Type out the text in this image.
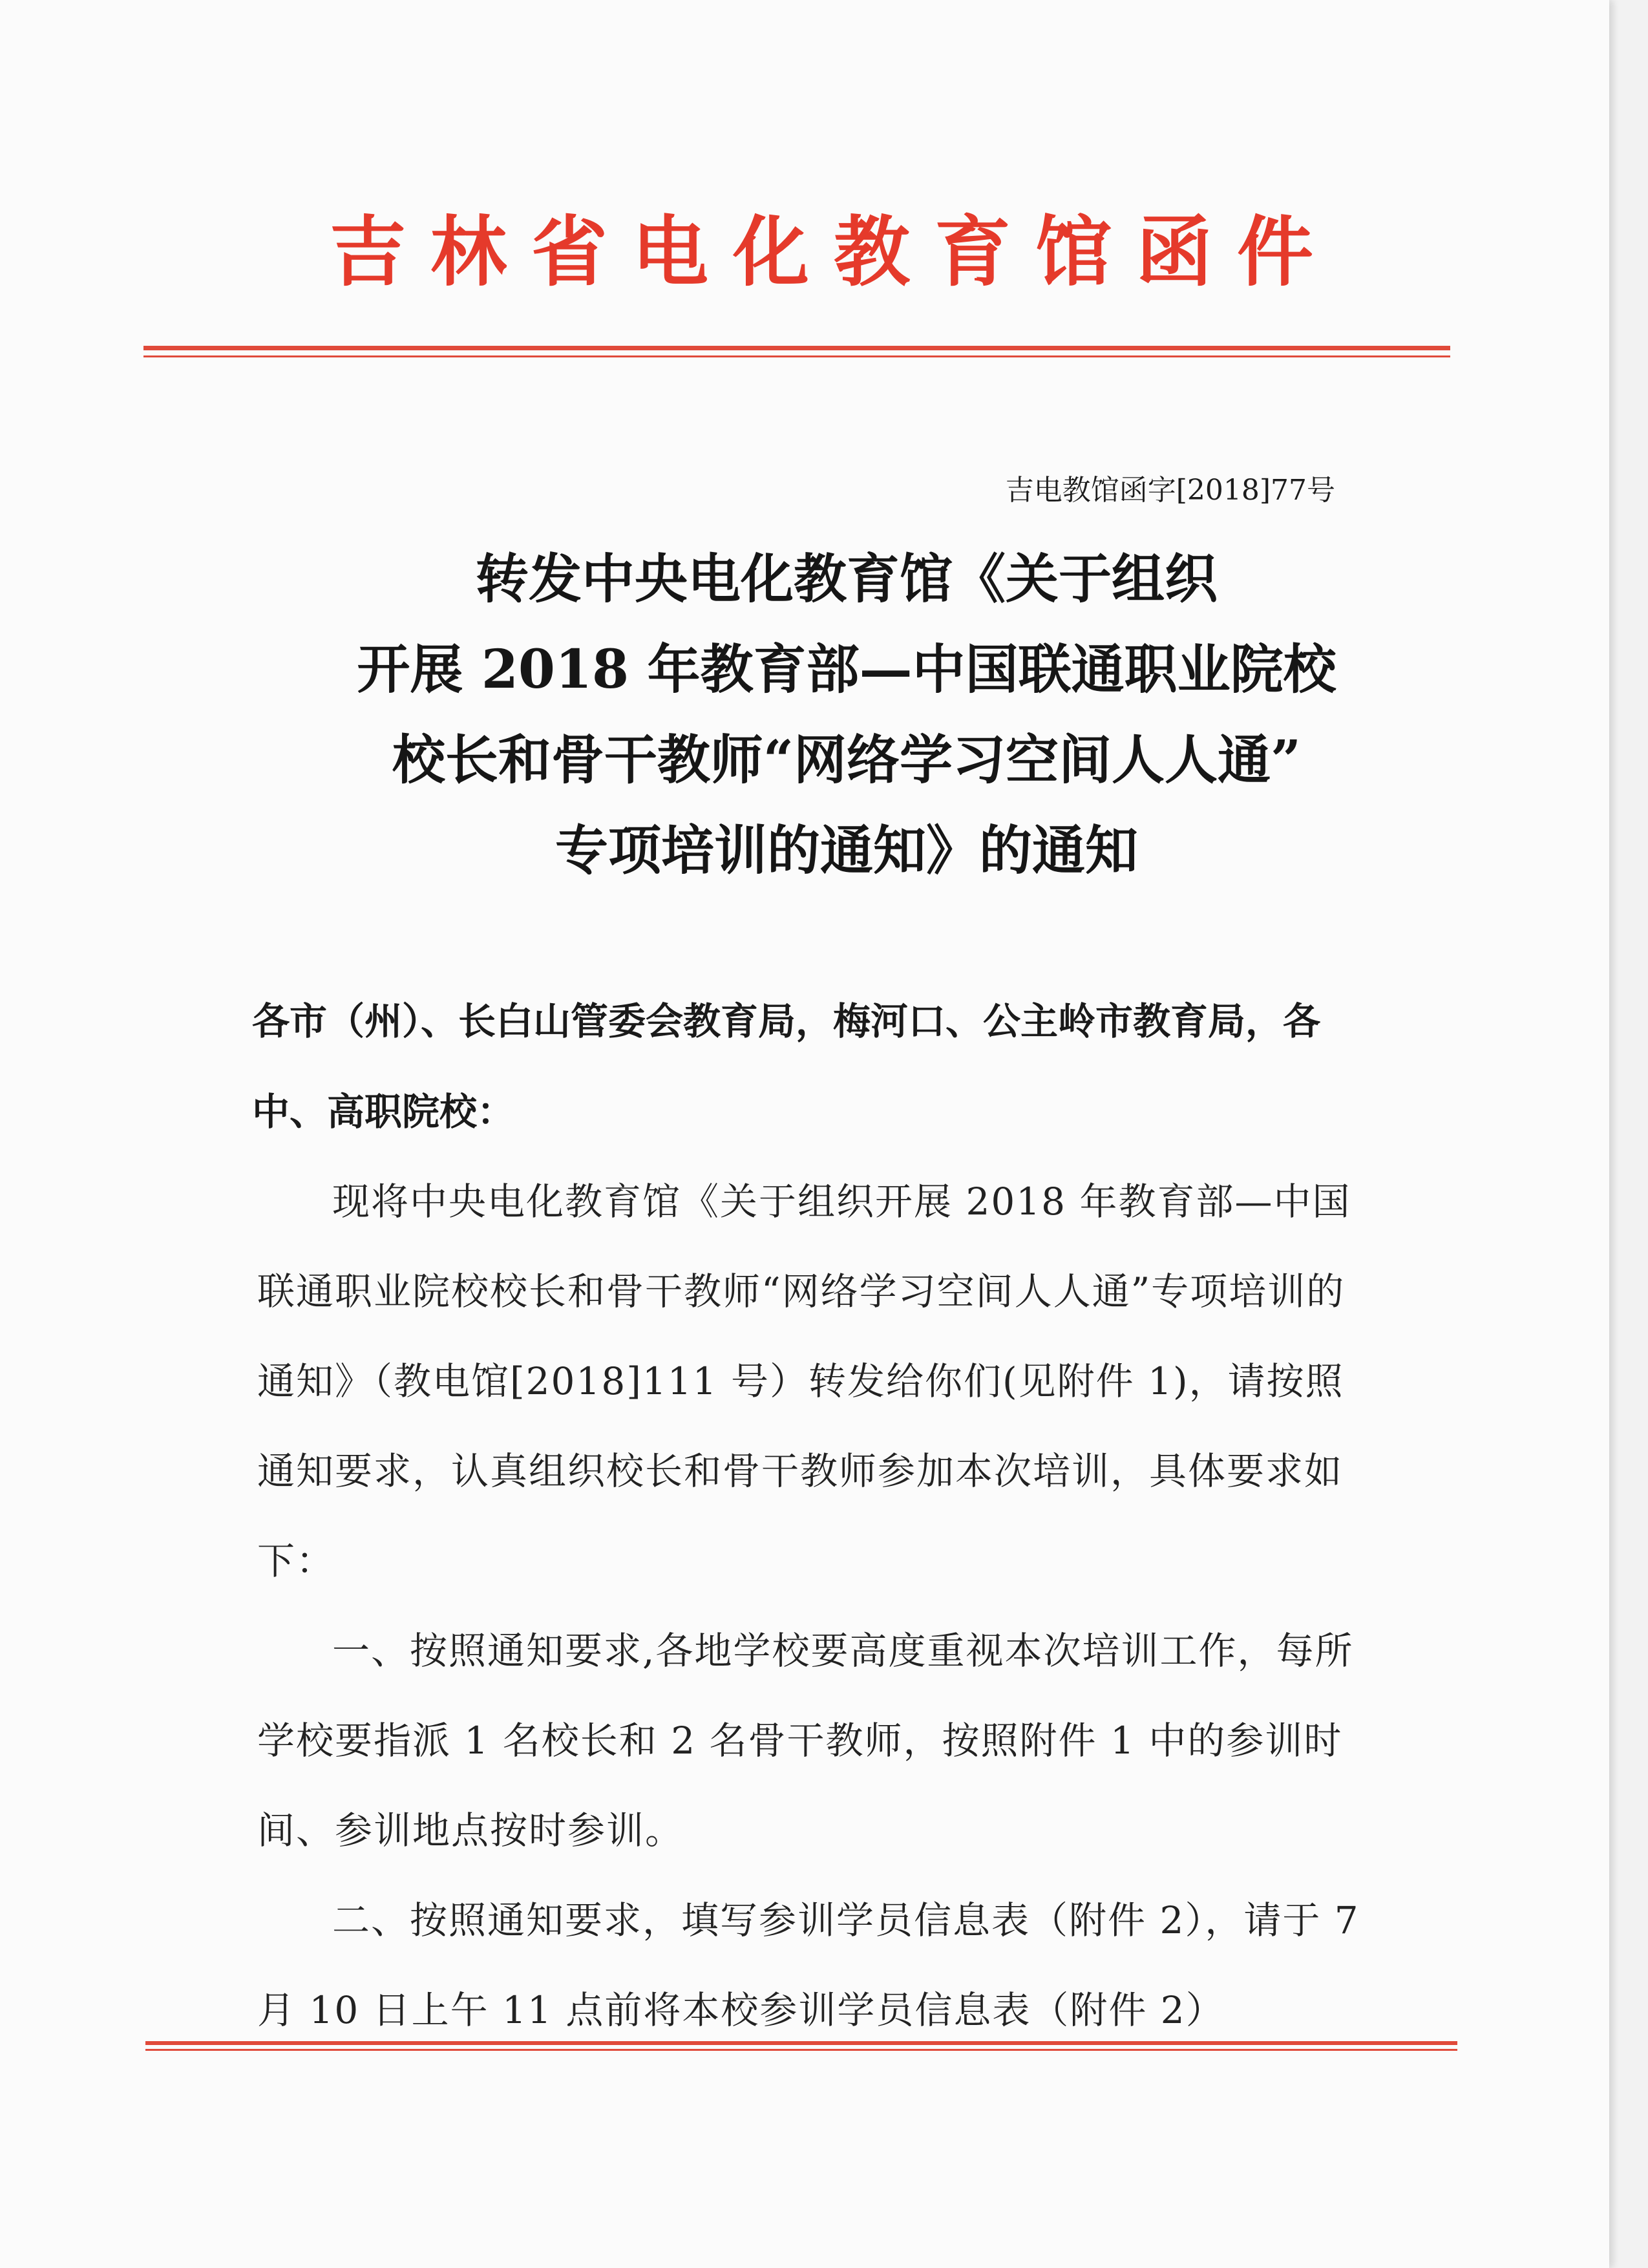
吉林省电化教育馆函件
吉电教馆函字[2018]77号
转发中央电化教育馆《关于组织
开展 2018 年教育部—中国联通职业院校
校长和骨干教师“网络学习空间人人通”
专项培训的通知》的通知
各市（州）、长白山管委会教育局，梅河口、公主岭市教育局，各中、高职院校：

现将中央电化教育馆《关于组织开展 2018 年教育部—中国联通职业院校校长和骨干教师“网络学习空间人人通”专项培训的通知》（教电馆[2018]111 号）转发给你们(见附件 1)，请按照通知要求，认真组织校长和骨干教师参加本次培训，具体要求如下：

一、按照通知要求,各地学校要高度重视本次培训工作，每所学校要指派 1 名校长和 2 名骨干教师，按照附件 1 中的参训时间、参训地点按时参训。

二、按照通知要求，填写参训学员信息表（附件 2），请于 7 月 10 日上午 11 点前将本校参训学员信息表（附件 2）
